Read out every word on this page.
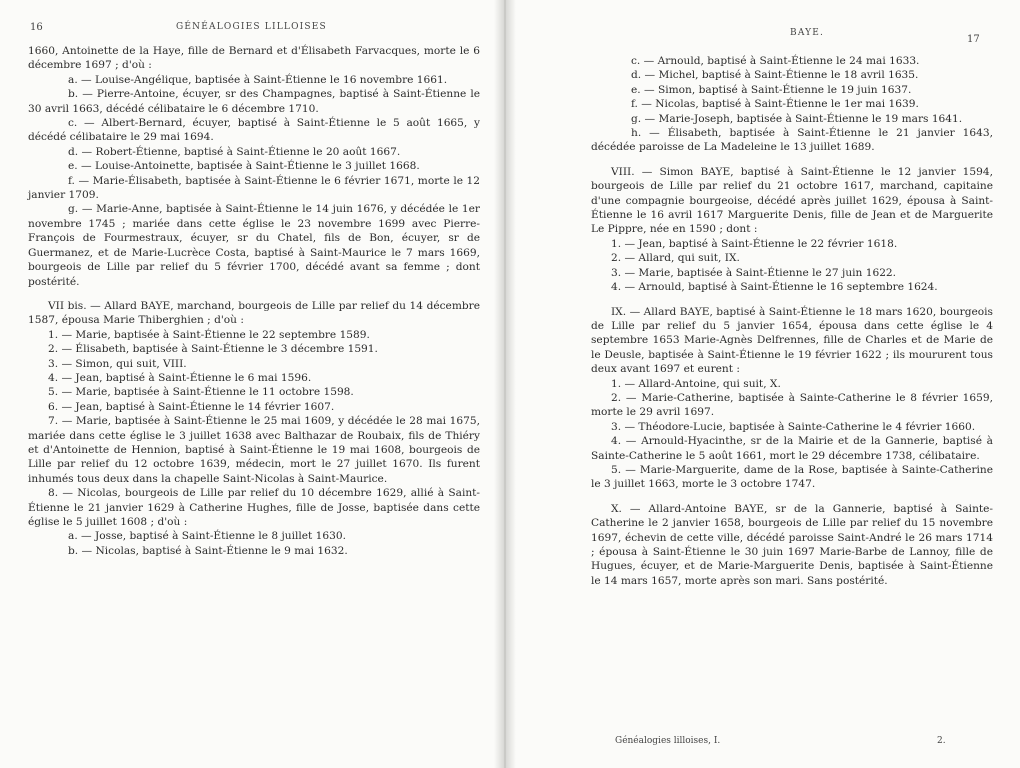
16	GÉNÉALOGIES LILLOISES

1660, Antoinette de la Haye, fille de Bernard et d'Élisabeth Farvacques, morte le 6 décembre 1697 ; d'où :

a. — Louise-Angélique, baptisée à Saint-Étienne le 16 novembre 1661.

b. — Pierre-Antoine, écuyer, sr des Champagnes, baptisé à Saint-Étienne le 30 avril 1663, décédé célibataire le 6 décembre 1710.

c. — Albert-Bernard, écuyer, baptisé à Saint-Étienne le 5 août 1665, y décédé célibataire le 29 mai 1694.

d. — Robert-Étienne, baptisé à Saint-Étienne le 20 août 1667.

e. — Louise-Antoinette, baptisée à Saint-Étienne le 3 juillet 1668.

f. — Marie-Élisabeth, baptisée à Saint-Étienne le 6 février 1671, morte le 12 janvier 1709.

g. — Marie-Anne, baptisée à Saint-Étienne le 14 juin 1676, y décédée le 1er novembre 1745 ; mariée dans cette église le 23 novembre 1699 avec Pierre-François de Fourmestraux, écuyer, sr du Chatel, fils de Bon, écuyer, sr de Guermanez, et de Marie-Lucrèce Costa, baptisé à Saint-Maurice le 7 mars 1669, bourgeois de Lille par relief du 5 février 1700, décédé avant sa femme ; dont postérité.

VII bis. — Allard BAYE, marchand, bourgeois de Lille par relief du 14 décembre 1587, épousa Marie Thiberghien ; d'où :

1. — Marie, baptisée à Saint-Étienne le 22 septembre 1589.

2. — Élisabeth, baptisée à Saint-Étienne le 3 décembre 1591.

3. — Simon, qui suit, VIII.

4. — Jean, baptisé à Saint-Étienne le 6 mai 1596.

5. — Marie, baptisée à Saint-Étienne le 11 octobre 1598.

6. — Jean, baptisé à Saint-Étienne le 14 février 1607.

7. — Marie, baptisée à Saint-Étienne le 25 mai 1609, y décédée le 28 mai 1675, mariée dans cette église le 3 juillet 1638 avec Balthazar de Roubaix, fils de Thiéry et d'Antoinette de Hennion, baptisé à Saint-Étienne le 19 mai 1608, bourgeois de Lille par relief du 12 octobre 1639, médecin, mort le 27 juillet 1670. Ils furent inhumés tous deux dans la chapelle Saint-Nicolas à Saint-Maurice.

8. — Nicolas, bourgeois de Lille par relief du 10 décembre 1629, allié à Saint-Étienne le 21 janvier 1629 à Catherine Hughes, fille de Josse, baptisée dans cette église le 5 juillet 1608 ; d'où :

a. — Josse, baptisé à Saint-Étienne le 8 juillet 1630.

b. — Nicolas, baptisé à Saint-Étienne le 9 mai 1632.

BAYE.
17

c. — Arnould, baptisé à Saint-Étienne le 24 mai 1633.

d. — Michel, baptisé à Saint-Étienne le 18 avril 1635.

e. — Simon, baptisé à Saint-Étienne le 19 juin 1637.

f. — Nicolas, baptisé à Saint-Étienne le 1er mai 1639.

g. — Marie-Joseph, baptisée à Saint-Étienne le 19 mars 1641.

h. — Élisabeth, baptisée à Saint-Étienne le 21 janvier 1643, décédée paroisse de La Madeleine le 13 juillet 1689.

VIII. — Simon BAYE, baptisé à Saint-Étienne le 12 janvier 1594, bourgeois de Lille par relief du 21 octobre 1617, marchand, capitaine d'une compagnie bourgeoise, décédé après juillet 1629, épousa à Saint-Étienne le 16 avril 1617 Marguerite Denis, fille de Jean et de Marguerite Le Pippre, née en 1590 ; dont :

1. — Jean, baptisé à Saint-Étienne le 22 février 1618.

2. — Allard, qui suit, IX.

3. — Marie, baptisée à Saint-Étienne le 27 juin 1622.

4. — Arnould, baptisé à Saint-Étienne le 16 septembre 1624.

IX. — Allard BAYE, baptisé à Saint-Étienne le 18 mars 1620, bourgeois de Lille par relief du 5 janvier 1654, épousa dans cette église le 4 septembre 1653 Marie-Agnès Delfrennes, fille de Charles et de Marie de le Deusle, baptisée à Saint-Étienne le 19 février 1622 ; ils moururent tous deux avant 1697 et eurent :

1. — Allard-Antoine, qui suit, X.

2. — Marie-Catherine, baptisée à Sainte-Catherine le 8 février 1659, morte le 29 avril 1697.

3. — Théodore-Lucie, baptisée à Sainte-Catherine le 4 février 1660.

4. — Arnould-Hyacinthe, sr de la Mairie et de la Gannerie, baptisé à Sainte-Catherine le 5 août 1661, mort le 29 décembre 1738, célibataire.

5. — Marie-Marguerite, dame de la Rose, baptisée à Sainte-Catherine le 3 juillet 1663, morte le 3 octobre 1747.

X. — Allard-Antoine BAYE, sr de la Gannerie, baptisé à Sainte-Catherine le 2 janvier 1658, bourgeois de Lille par relief du 15 novembre 1697, échevin de cette ville, décédé paroisse Saint-André le 26 mars 1714 ; épousa à Saint-Étienne le 30 juin 1697 Marie-Barbe de Lannoy, fille de Hugues, écuyer, et de Marie-Marguerite Denis, baptisée à Saint-Étienne le 14 mars 1657, morte après son mari. Sans postérité.

Généalogies lilloises, I.	2.
